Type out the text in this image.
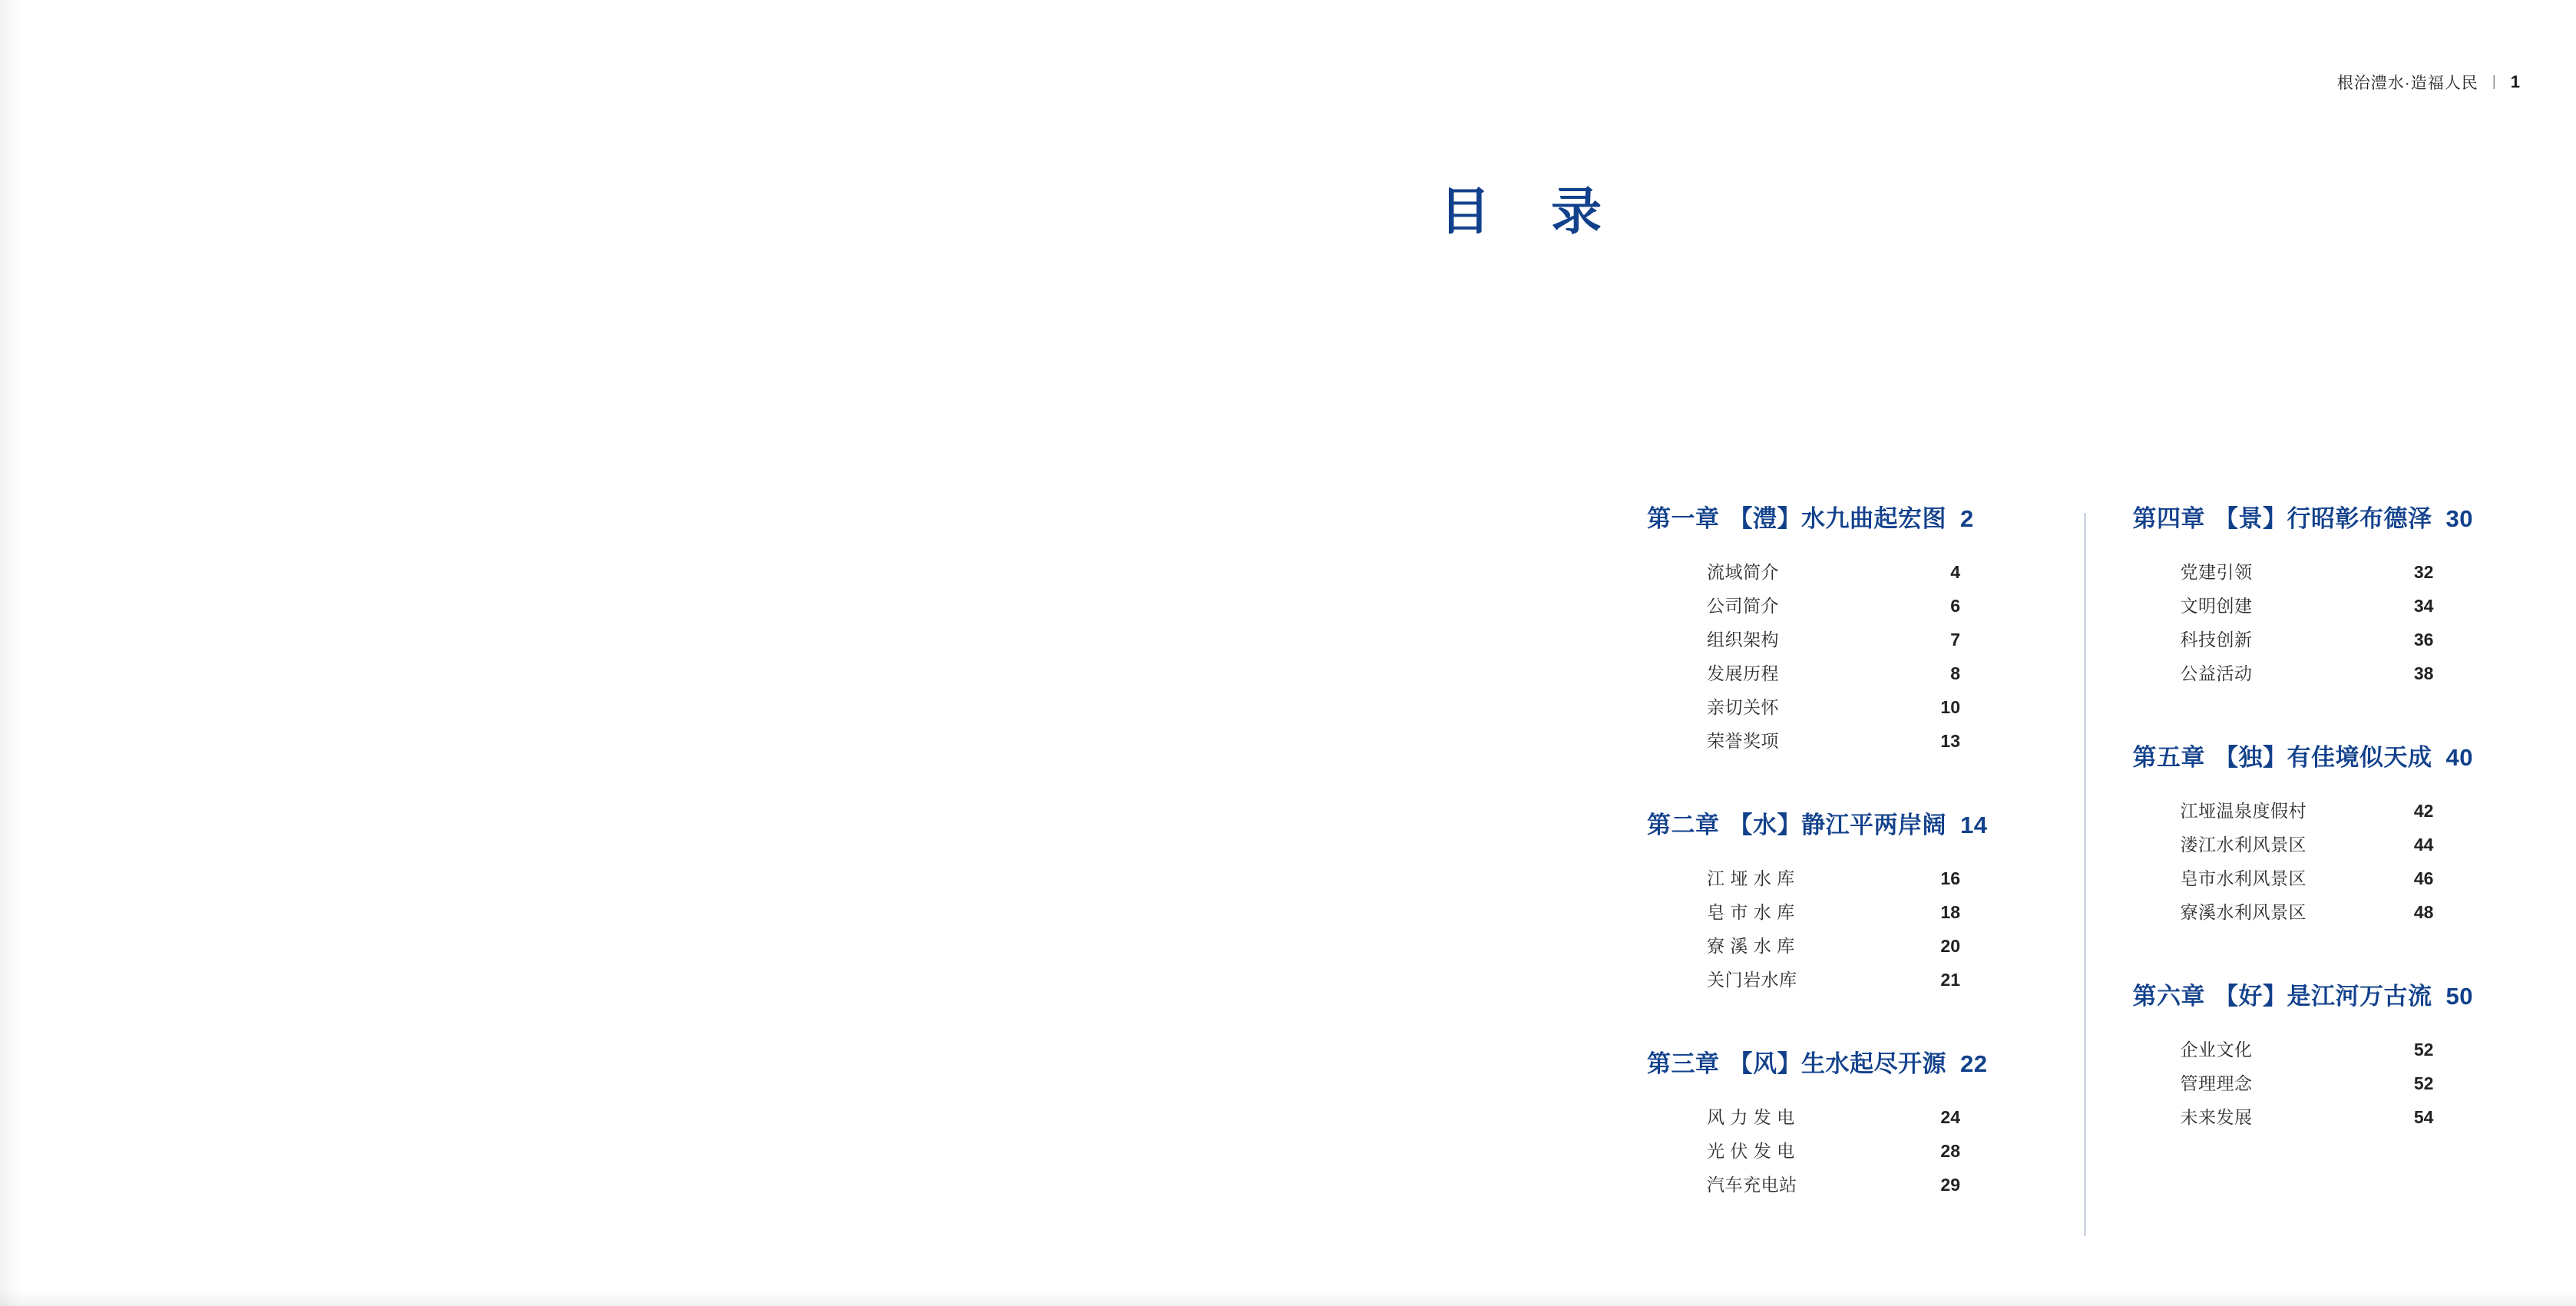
根治澧水·造福人民 | 1
目 录
第一章 【澧】水九曲起宏图 2
流域简介	4
公司简介	6
组织架构	7
发展历程	8
亲切关怀	10
荣誉奖项	13
第二章 【水】静江平两岸阔 14
江 垭 水 库	16
皂 市 水 库	18
寮 溪 水 库	20
关门岩水库	21
第三章 【风】生水起尽开源 22
风 力 发 电	24
光 伏 发 电	28
汽车充电站	29
第四章 【景】行昭彰布德泽 30
党建引领	32
文明创建	34
科技创新	36
公益活动	38
第五章 【独】有佳境似天成 40
江垭温泉度假村	42
溇江水利风景区	44
皂市水利风景区	46
寮溪水利风景区	48
第六章 【好】是江河万古流 50
企业文化	52
管理理念	52
未来发展	54
